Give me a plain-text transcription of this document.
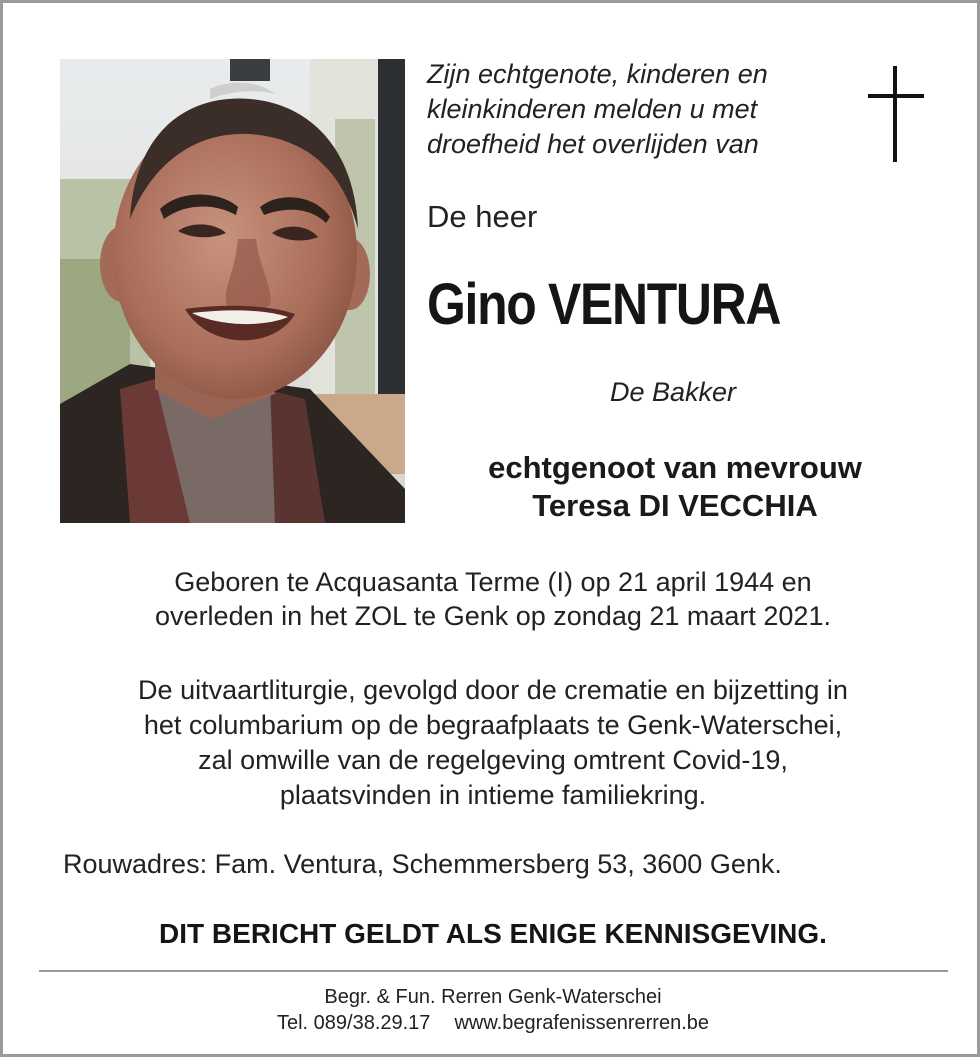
Zijn echtgenote, kinderen en
kleinkinderen melden u met
droefheid het overlijden van
De heer
Gino VENTURA
De Bakker
echtgenoot van mevrouw
Teresa DI VECCHIA
Geboren te Acquasanta Terme (I) op 21 april 1944 en
overleden in het ZOL te Genk op zondag 21 maart 2021.
De uitvaartliturgie, gevolgd door de crematie en bijzetting in
het columbarium op de begraafplaats te Genk-Waterschei,
zal omwille van de regelgeving omtrent Covid-19,
plaatsvinden in intieme familiekring.
Rouwadres: Fam. Ventura, Schemmersberg 53, 3600 Genk.
DIT BERICHT GELDT ALS ENIGE KENNISGEVING.
Begr. & Fun. Rerren Genk-Waterschei
Tel. 089/38.29.17 www.begrafenissenrerren.be
